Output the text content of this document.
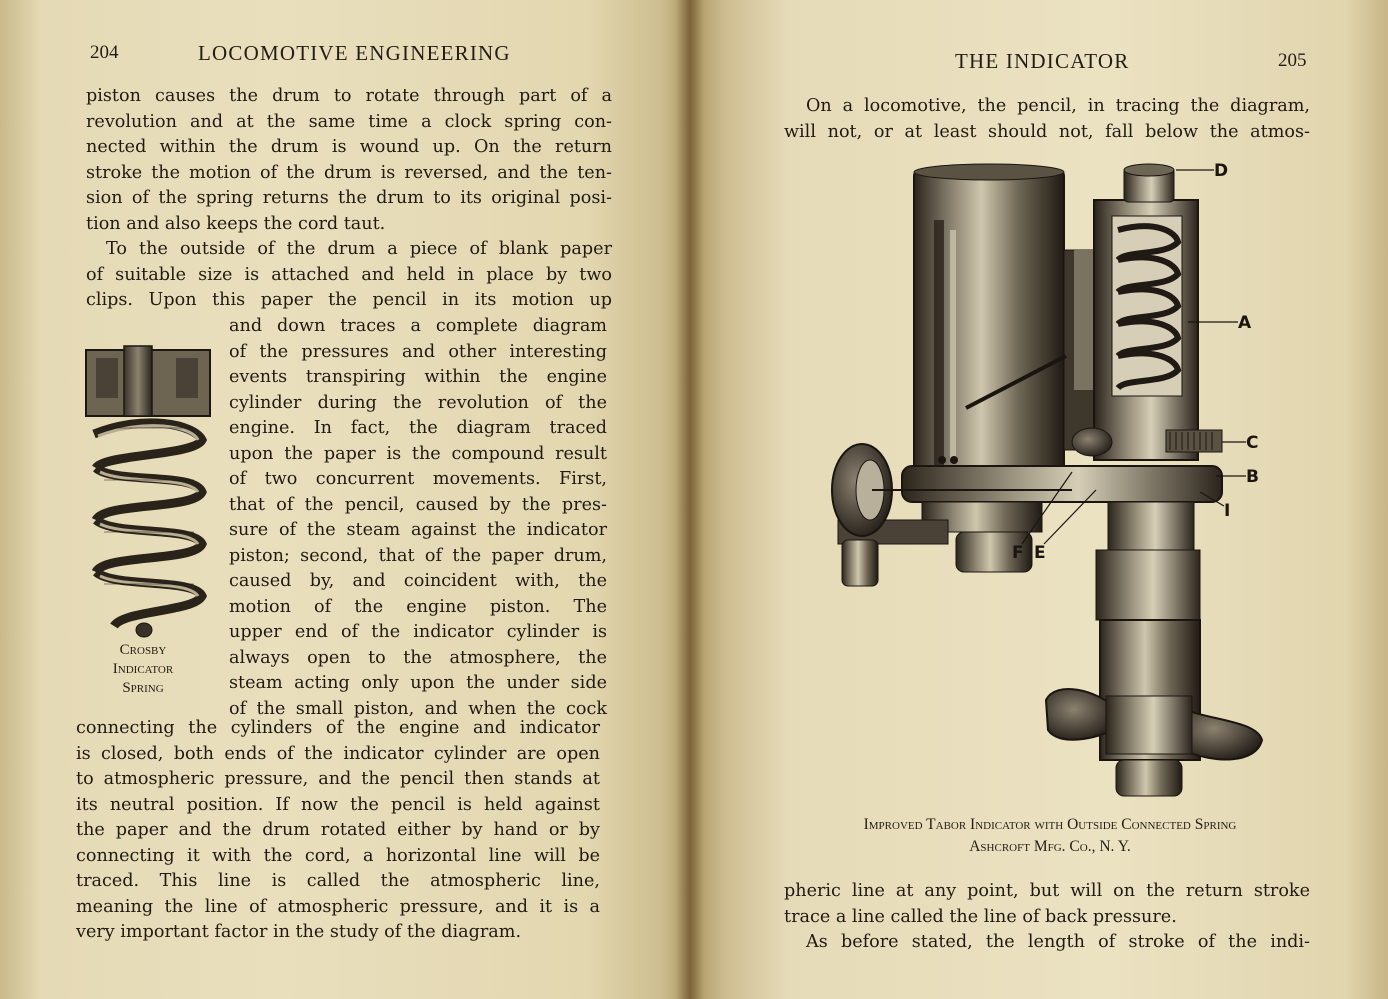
204	LOCOMOTIVE ENGINEERING
piston causes the drum to rotate through part of a
revolution and at the same time a clock spring con-
nected within the drum is wound up. On the return
stroke the motion of the drum is reversed, and the ten-
sion of the spring returns the drum to its original posi-
tion and also keeps the cord taut.
To the outside of the drum a piece of blank paper
of suitable size is attached and held in place by two
clips. Upon this paper the pencil in its motion up
Crosby
Indicator
Spring
and down traces a complete diagram
of the pressures and other interesting
events transpiring within the engine
cylinder during the revolution of the
engine. In fact, the diagram traced
upon the paper is the compound result
of two concurrent movements. First,
that of the pencil, caused by the pres-
sure of the steam against the indicator
piston; second, that of the paper drum,
caused by, and coincident with, the
motion of the engine piston. The
upper end of the indicator cylinder is
always open to the atmosphere, the
steam acting only upon the under side
of the small piston, and when the cock
connecting the cylinders of the engine and indicator
is closed, both ends of the indicator cylinder are open
to atmospheric pressure, and the pencil then stands at
its neutral position. If now the pencil is held against
the paper and the drum rotated either by hand or by
connecting it with the cord, a horizontal line will be
traced. This line is called the atmospheric line,
meaning the line of atmospheric pressure, and it is a
very important factor in the study of the diagram.
THE INDICATOR	205
On a locomotive, the pencil, in tracing the diagram,
will not, or at least should not, fall below the atmos-
D
A
C
B
I
F E
Improved Tabor Indicator with Outside Connected Spring
Ashcroft Mfg. Co., N. Y.
pheric line at any point, but will on the return stroke
trace a line called the line of back pressure.
As before stated, the length of stroke of the indi-
